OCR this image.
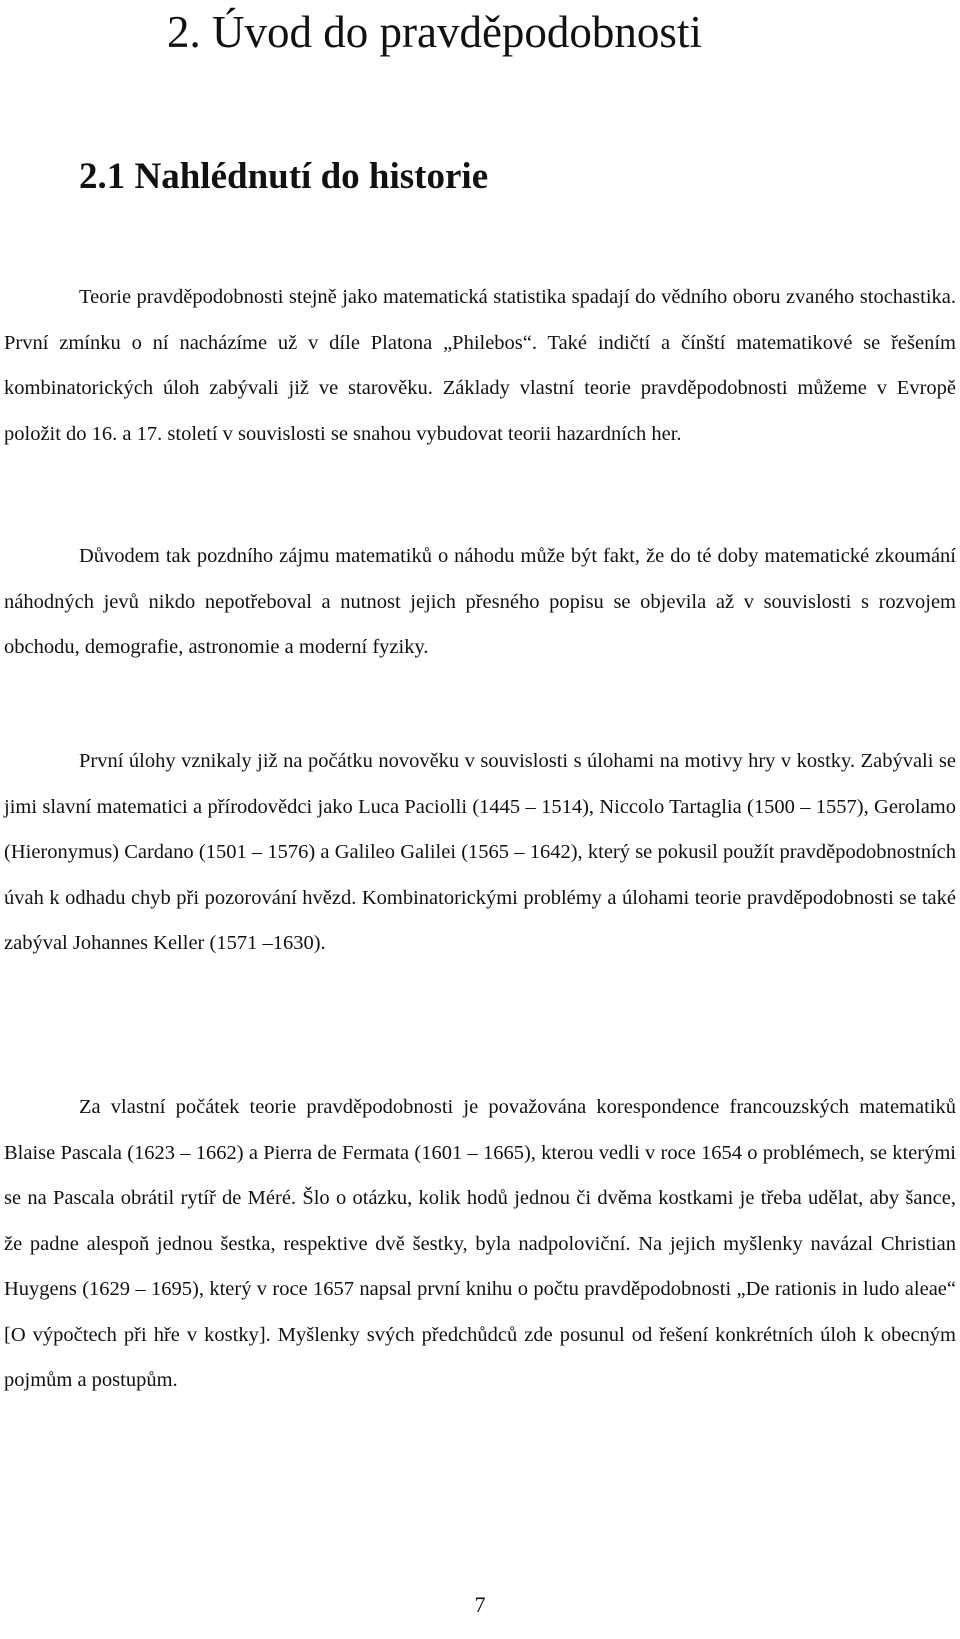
2. Úvod do pravděpodobnosti
2.1 Nahlédnutí do historie

Teorie pravděpodobnosti stejně jako matematická statistika spadají do vědního oboru zvaného stochastika. První zmínku o ní nacházíme už v díle Platona „Philebos“. Také indičtí a čínští matematikové se řešením kombinatorických úloh zabývali již ve starověku. Základy vlastní teorie pravděpodobnosti můžeme v Evropě položit do 16. a 17. století v souvislosti se snahou vybudovat teorii hazardních her.

Důvodem tak pozdního zájmu matematiků o náhodu může být fakt, že do té doby matematické zkoumání náhodných jevů nikdo nepotřeboval a nutnost jejich přesného popisu se objevila až v souvislosti s rozvojem obchodu, demografie, astronomie a moderní fyziky.

První úlohy vznikaly již na počátku novověku v souvislosti s úlohami na motivy hry v kostky. Zabývali se jimi slavní matematici a přírodovědci jako Luca Paciolli (1445 – 1514), Niccolo Tartaglia (1500 – 1557), Gerolamo (Hieronymus) Cardano (1501 – 1576) a Galileo Galilei (1565 – 1642), který se pokusil použít pravděpodobnostních úvah k odhadu chyb při pozorování hvězd. Kombinatorickými problémy a úlohami teorie pravděpodobnosti se také zabýval Johannes Keller (1571 –1630).

Za vlastní počátek teorie pravděpodobnosti je považována korespondence francouzských matematiků Blaise Pascala (1623 – 1662) a Pierra de Fermata (1601 – 1665), kterou vedli v roce 1654 o problémech, se kterými se na Pascala obrátil rytíř de Méré. Šlo o otázku, kolik hodů jednou či dvěma kostkami je třeba udělat, aby šance, že padne alespoň jednou šestka, respektive dvě šestky, byla nadpoloviční. Na jejich myšlenky navázal Christian Huygens (1629 – 1695), který v roce 1657 napsal první knihu o počtu pravděpodobnosti „De rationis in ludo aleae“ [O výpočtech při hře v kostky]. Myšlenky svých předchůdců zde posunul od řešení konkrétních úloh k obecným pojmům a postupům.

7
